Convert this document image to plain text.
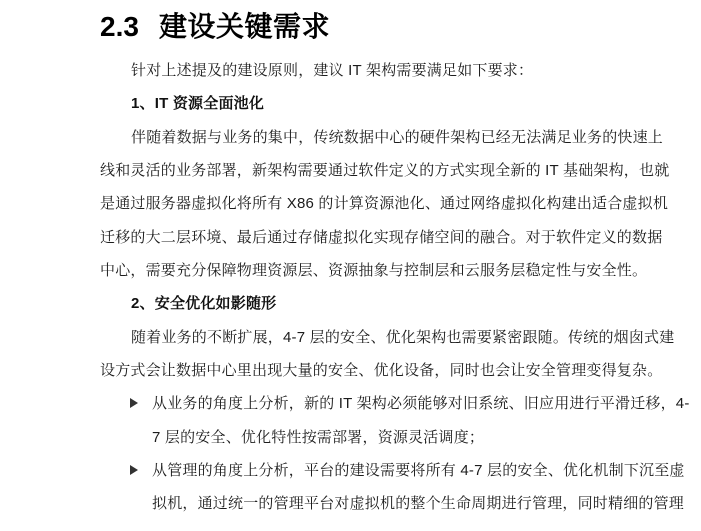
2.3 建设关键需求
针对上述提及的建设原则，建议 IT 架构需要满足如下要求：
1、IT 资源全面池化
伴随着数据与业务的集中，传统数据中心的硬件架构已经无法满足业务的快速上
线和灵活的业务部署，新架构需要通过软件定义的方式实现全新的 IT 基础架构，也就
是通过服务器虚拟化将所有 X86 的计算资源池化、通过网络虚拟化构建出适合虚拟机
迁移的大二层环境、最后通过存储虚拟化实现存储空间的融合。对于软件定义的数据
中心，需要充分保障物理资源层、资源抽象与控制层和云服务层稳定性与安全性。
2、安全优化如影随形
随着业务的不断扩展，4-7 层的安全、优化架构也需要紧密跟随。传统的烟囱式建
设方式会让数据中心里出现大量的安全、优化设备，同时也会让安全管理变得复杂。
从业务的角度上分析，新的 IT 架构必须能够对旧系统、旧应用进行平滑迁移，4-
7 层的安全、优化特性按需部署，资源灵活调度；
从管理的角度上分析，平台的建设需要将所有 4-7 层的安全、优化机制下沉至虚
拟机，通过统一的管理平台对虚拟机的整个生命周期进行管理，同时精细的管理
